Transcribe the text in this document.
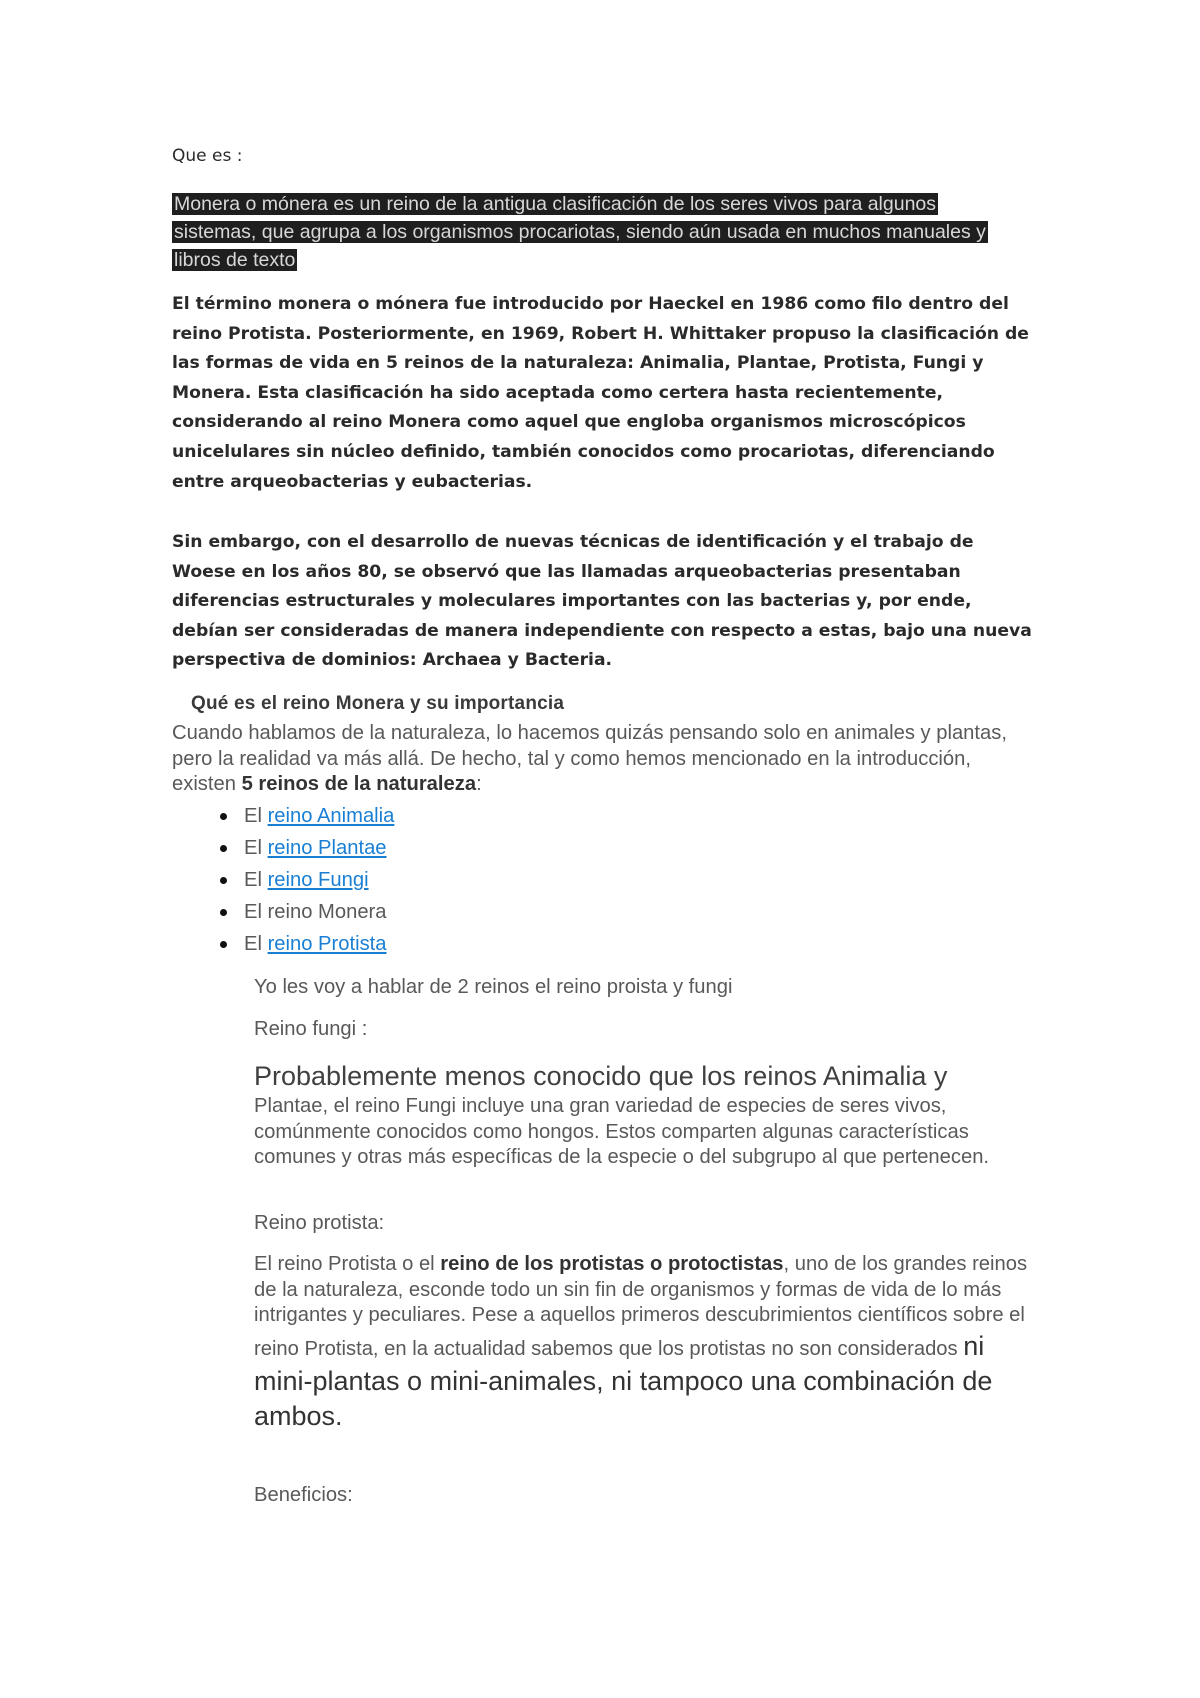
Que es :

Monera o mónera es un reino de la antigua clasificación de los seres vivos para algunos sistemas, que agrupa a los organismos procariotas, siendo aún usada en muchos manuales y libros de texto

El término monera o mónera fue introducido por Haeckel en 1986 como filo dentro del reino Protista. Posteriormente, en 1969, Robert H. Whittaker propuso la clasificación de las formas de vida en 5 reinos de la naturaleza: Animalia, Plantae, Protista, Fungi y Monera. Esta clasificación ha sido aceptada como certera hasta recientemente, considerando al reino Monera como aquel que engloba organismos microscópicos unicelulares sin núcleo definido, también conocidos como procariotas, diferenciando entre arqueobacterias y eubacterias.

Sin embargo, con el desarrollo de nuevas técnicas de identificación y el trabajo de Woese en los años 80, se observó que las llamadas arqueobacterias presentaban diferencias estructurales y moleculares importantes con las bacterias y, por ende, debían ser consideradas de manera independiente con respecto a estas, bajo una nueva perspectiva de dominios: Archaea y Bacteria.

Qué es el reino Monera y su importancia

Cuando hablamos de la naturaleza, lo hacemos quizás pensando solo en animales y plantas, pero la realidad va más allá. De hecho, tal y como hemos mencionado en la introducción, existen 5 reinos de la naturaleza:

El reino Animalia
El reino Plantae
El reino Fungi
El reino Monera
El reino Protista

Yo les voy a hablar de 2 reinos el reino proista y fungi

Reino fungi :

Probablemente menos conocido que los reinos Animalia y
Plantae, el reino Fungi incluye una gran variedad de especies de seres vivos, comúnmente conocidos como hongos. Estos comparten algunas características comunes y otras más específicas de la especie o del subgrupo al que pertenecen.

Reino protista:

El reino Protista o el reino de los protistas o protoctistas, uno de los grandes reinos de la naturaleza, esconde todo un sin fin de organismos y formas de vida de lo más intrigantes y peculiares. Pese a aquellos primeros descubrimientos científicos sobre el reino Protista, en la actualidad sabemos que los protistas no son considerados ni mini-plantas o mini-animales, ni tampoco una combinación de ambos.

Beneficios:
